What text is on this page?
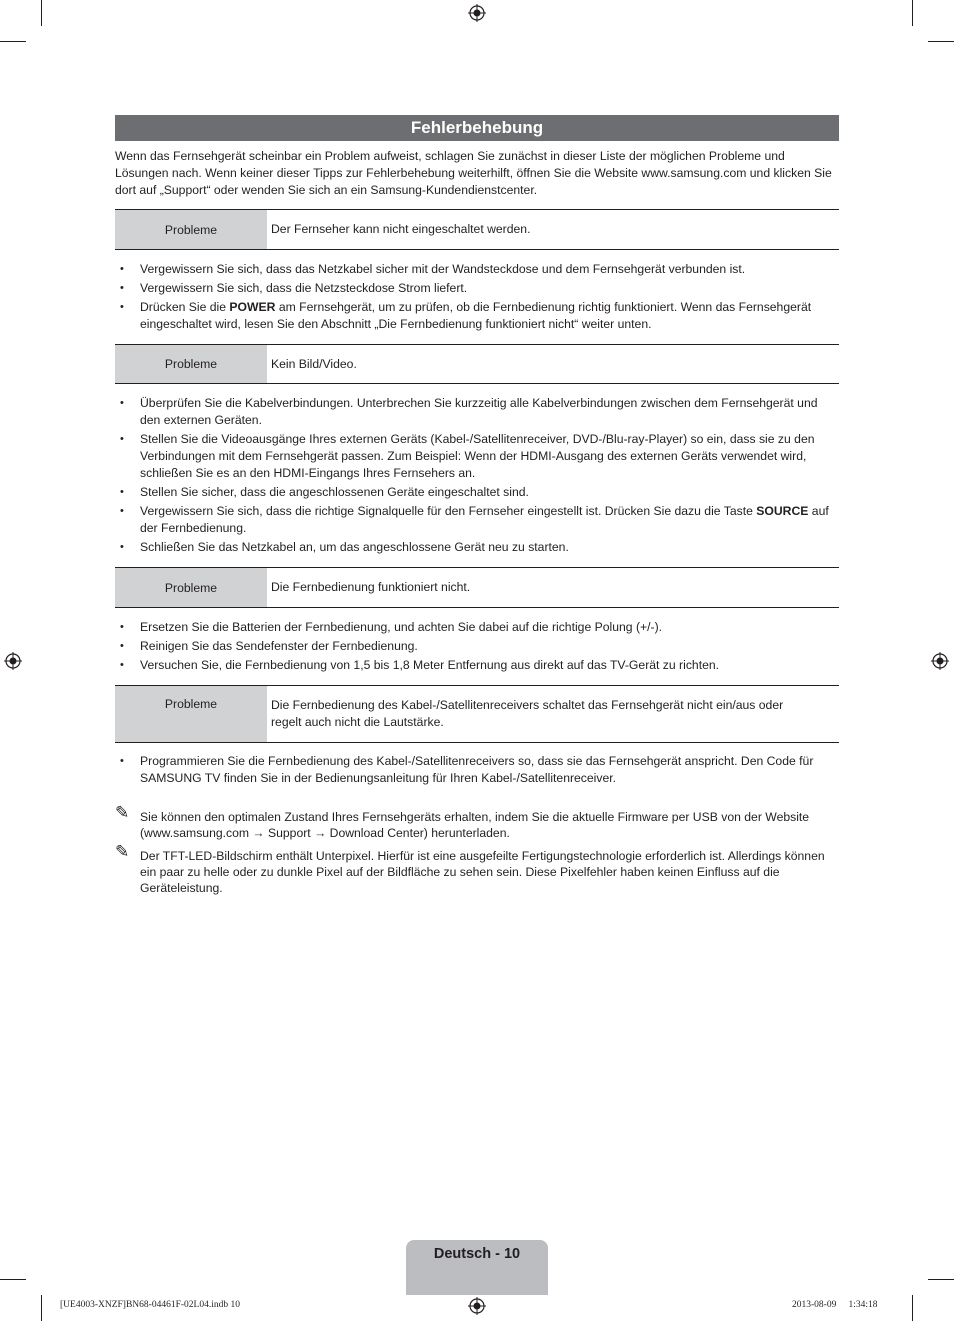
Fehlerbehebung

Wenn das Fernsehgerät scheinbar ein Problem aufweist, schlagen Sie zunächst in dieser Liste der möglichen Probleme und Lösungen nach. Wenn keiner dieser Tipps zur Fehlerbehebung weiterhilft, öffnen Sie die Website www.samsung.com und klicken Sie dort auf „Support“ oder wenden Sie sich an ein Samsung-Kundendienstcenter.

Probleme	Der Fernseher kann nicht eingeschaltet werden.
• Vergewissern Sie sich, dass das Netzkabel sicher mit der Wandsteckdose und dem Fernsehgerät verbunden ist.
• Vergewissern Sie sich, dass die Netzsteckdose Strom liefert.
• Drücken Sie die POWER am Fernsehgerät, um zu prüfen, ob die Fernbedienung richtig funktioniert. Wenn das Fernsehgerät eingeschaltet wird, lesen Sie den Abschnitt „Die Fernbedienung funktioniert nicht“ weiter unten.
Probleme	Kein Bild/Video.
• Überprüfen Sie die Kabelverbindungen. Unterbrechen Sie kurzzeitig alle Kabelverbindungen zwischen dem Fernsehgerät und den externen Geräten.
• Stellen Sie die Videoausgänge Ihres externen Geräts (Kabel-/Satellitenreceiver, DVD-/Blu-ray-Player) so ein, dass sie zu den Verbindungen mit dem Fernsehgerät passen. Zum Beispiel: Wenn der HDMI-Ausgang des externen Geräts verwendet wird, schließen Sie es an den HDMI-Eingangs Ihres Fernsehers an.
• Stellen Sie sicher, dass die angeschlossenen Geräte eingeschaltet sind.
• Vergewissern Sie sich, dass die richtige Signalquelle für den Fernseher eingestellt ist. Drücken Sie dazu die Taste SOURCE auf der Fernbedienung.
• Schließen Sie das Netzkabel an, um das angeschlossene Gerät neu zu starten.
Probleme	Die Fernbedienung funktioniert nicht.
• Ersetzen Sie die Batterien der Fernbedienung, und achten Sie dabei auf die richtige Polung (+/-).
• Reinigen Sie das Sendefenster der Fernbedienung.
• Versuchen Sie, die Fernbedienung von 1,5 bis 1,8 Meter Entfernung aus direkt auf das TV-Gerät zu richten.
Probleme	Die Fernbedienung des Kabel-/Satellitenreceivers schaltet das Fernsehgerät nicht ein/aus oder regelt auch nicht die Lautstärke.
• Programmieren Sie die Fernbedienung des Kabel-/Satellitenreceivers so, dass sie das Fernsehgerät anspricht. Den Code für SAMSUNG TV finden Sie in der Bedienungsanleitung für Ihren Kabel-/Satellitenreceiver.
✎ Sie können den optimalen Zustand Ihres Fernsehgeräts erhalten, indem Sie die aktuelle Firmware per USB von der Website (www.samsung.com → Support → Download Center) herunterladen.
✎ Der TFT-LED-Bildschirm enthält Unterpixel. Hierfür ist eine ausgefeilte Fertigungstechnologie erforderlich ist. Allerdings können ein paar zu helle oder zu dunkle Pixel auf der Bildfläche zu sehen sein. Diese Pixelfehler haben keinen Einfluss auf die Geräteleistung.
Deutsch - 10
[UE4003-XNZF]BN68-04461F-02L04.indb 10	2013-08-09 ￿ 1:34:18
